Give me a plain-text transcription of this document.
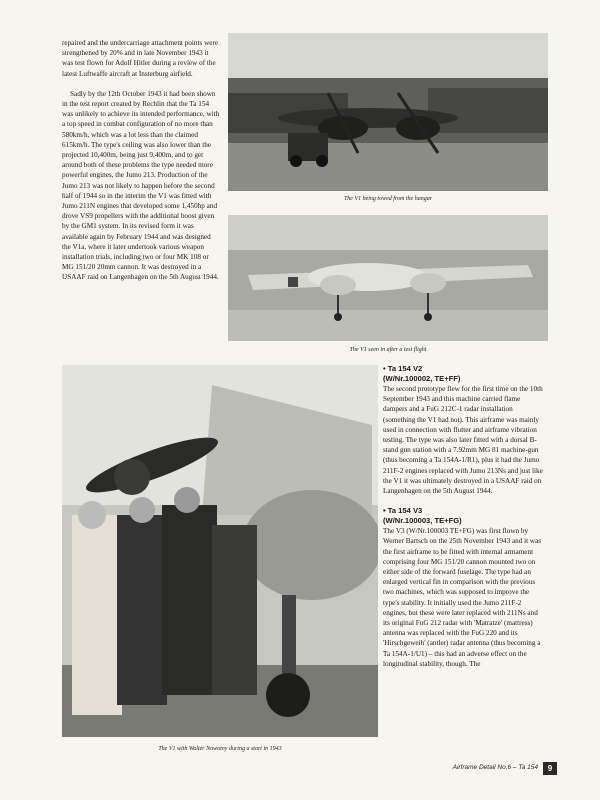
repaired and the undercarriage attachment points were strengthened by 20% and in late November 1943 it was test flown for Adolf Hitler during a review of the latest Luftwaffe aircraft at Insterburg airfield.

Sadly by the 12th October 1943 it had been shown in the test report created by Rechlin that the Ta 154 was unlikely to achieve its intended performance, with a top speed in combat configuration of no more than 580km/h, which was a lot less than the claimed 615km/h. The type's ceiling was also lower than the projected 10,400m, being just 9,400m, and to get around both of these problems the type needed more powerful engines, the Jumo 213. Production of the Jumo 213 was not likely to happen before the second half of 1944 so in the interim the V1 was fitted with Jumo 211N engines that developed some 1,450hp and drove VS9 propellers with the additional boost given by the GM1 system. In its revised form it was available again by February 1944 and was designed the V1a, where it later undertook various weapon installation trials, including two or four MK 108 or MG 151/20 20mm cannon. It was destroyed in a USAAF raid on Langenhagen on the 5th August 1944.

The V1 being towed from the hangar
The V1 seen in after a test flight
The V1 with Walter Nowotny during a start in 1943
• Ta 154 V2
(W/Nr.100002, TE+FF)

The second prototype flew for the first time on the 10th September 1943 and this machine carried flame dampers and a FuG 212C-1 radar installation (something the V1 had not). This airframe was mainly used in connection with flutter and airframe vibration testing. The type was also later fitted with a dorsal B-stand gun station with a 7.92mm MG 81 machine-gun (thus becoming a Ta 154A-1/R1), plus it had the Jumo 211F-2 engines replaced with Jumo 213Ns and just like the V1 it was ultimately destroyed in a USAAF raid on Langenhagen on the 5th August 1944.

• Ta 154 V3
(W/Nr.100003, TE+FG)

The V3 (W/Nr.100003 TE+FG) was first flown by Werner Bartsch on the 25th November 1943 and it was the first airframe to be fitted with internal armament comprising four MG 151/20 cannon mounted two on either side of the forward fuselage. The type had an enlarged vertical fin in comparison with the previous two machines, which was supposed to improve the type's stability. It initially used the Jumo 211F-2 engines, but these were later replaced with 211Ns and its original FuG 212 radar with 'Matratze' (mattress) antenna was replaced with the FuG 220 and its 'Hirschgeweih' (antler) radar antenna (thus becoming a Ta 154A-1/U1) – this had an adverse effect on the longitudinal stability, though. The

Airframe Detail No.6 – Ta 154	9
